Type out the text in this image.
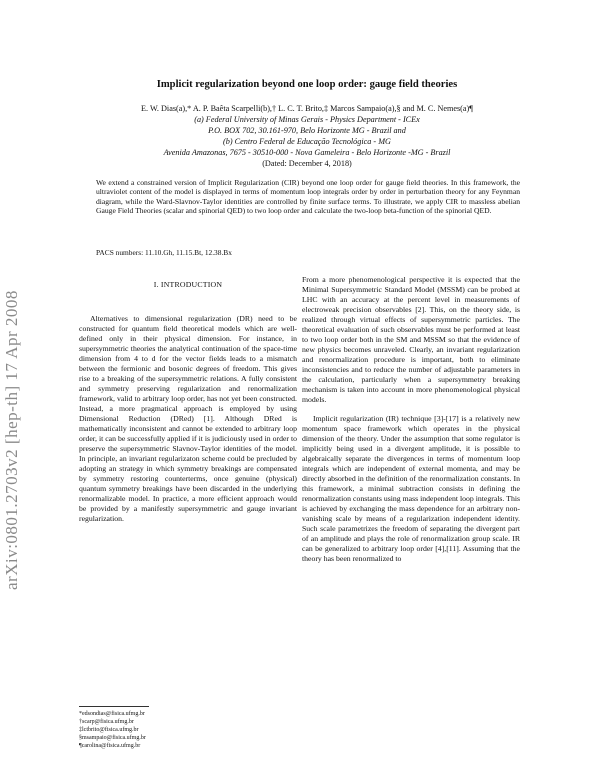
arXiv:0801.2703v2 [hep-th] 17 Apr 2008
Implicit regularization beyond one loop order: gauge field theories
E. W. Dias(a),* A. P. Baêta Scarpelli(b),† L. C. T. Brito,‡ Marcos Sampaio(a),§ and M. C. Nemes(a)¶
(a) Federal University of Minas Gerais - Physics Department - ICEx
P.O. BOX 702, 30.161-970, Belo Horizonte MG - Brazil and
(b) Centro Federal de Educação Tecnológica - MG
Avenida Amazonas, 7675 - 30510-000 - Nova Gameleira - Belo Horizonte -MG - Brazil
(Dated: December 4, 2018)
We extend a constrained version of Implicit Regularization (CIR) beyond one loop order for gauge field theories. In this framework, the ultraviolet content of the model is displayed in terms of momentum loop integrals order by order in perturbation theory for any Feynman diagram, while the Ward-Slavnov-Taylor identities are controlled by finite surface terms. To illustrate, we apply CIR to massless abelian Gauge Field Theories (scalar and spinorial QED) to two loop order and calculate the two-loop beta-function of the spinorial QED.
PACS numbers: 11.10.Gh, 11.15.Bt, 12.38.Bx
I. INTRODUCTION

Alternatives to dimensional regularization (DR) need to be constructed for quantum field theoretical models which are well-defined only in their physical dimension. For instance, in supersymmetric theories the analytical continuation of the space-time dimension from 4 to d for the vector fields leads to a mismatch between the fermionic and bosonic degrees of freedom. This gives rise to a breaking of the supersymmetric relations. A fully consistent and symmetry preserving regularization and renormalization framework, valid to arbitrary loop order, has not yet been constructed. Instead, a more pragmatical approach is employed by using Dimensional Reduction (DRed) [1]. Although DRed is mathematically inconsistent and cannot be extended to arbitrary loop order, it can be successfully applied if it is judiciously used in order to preserve the supersymmetric Slavnov-Taylor identities of the model. In principle, an invariant regularizaton scheme could be precluded by adopting an strategy in which symmetry breakings are compensated by symmetry restoring counterterms, once genuine (physical) quantum symmetry breakings have been discarded in the underlying renormalizable model. In practice, a more efficient approach would be provided by a manifestly supersymmetric and gauge invariant regularization.

From a more phenomenological perspective it is expected that the Minimal Supersymmetric Standard Model (MSSM) can be probed at LHC with an accuracy at the percent level in measurements of electroweak precision observables [2]. This, on the theory side, is realized through virtual effects of supersymmetric particles. The theoretical evaluation of such observables must be performed at least to two loop order both in the SM and MSSM so that the evidence of new physics becomes unraveled. Clearly, an invariant regularization and renormalization procedure is important, both to eliminate inconsistencies and to reduce the number of adjustable parameters in the calculation, particularly when a supersymmetry breaking mechanism is taken into account in more phenomenological physical models.

Implicit regularization (IR) technique [3]-[17] is a relatively new momentum space framework which operates in the physical dimension of the theory. Under the assumption that some regulator is implicitly being used in a divergent amplitude, it is possible to algebraically separate the divergences in terms of momentum loop integrals which are independent of external momenta, and may be directly absorbed in the definition of the renormalization constants. In this framework, a minimal subtraction consists in defining the renormalization constants using mass independent loop integrals. This is achieved by exchanging the mass dependence for an arbitrary non-vanishing scale by means of a regularization independent identity. Such scale parametrizes the freedom of separating the divergent part of an amplitude and plays the role of renormalization group scale. IR can be generalized to arbitrary loop order [4],[11]. Assuming that the theory has been renormalized to

*edsondias@fisica.ufmg.br
†scarp@fisica.ufmg.br
‡lctbrito@fisica.ufmg.br
§msampaio@fisica.ufmg.br
¶carolina@fisica.ufmg.br
